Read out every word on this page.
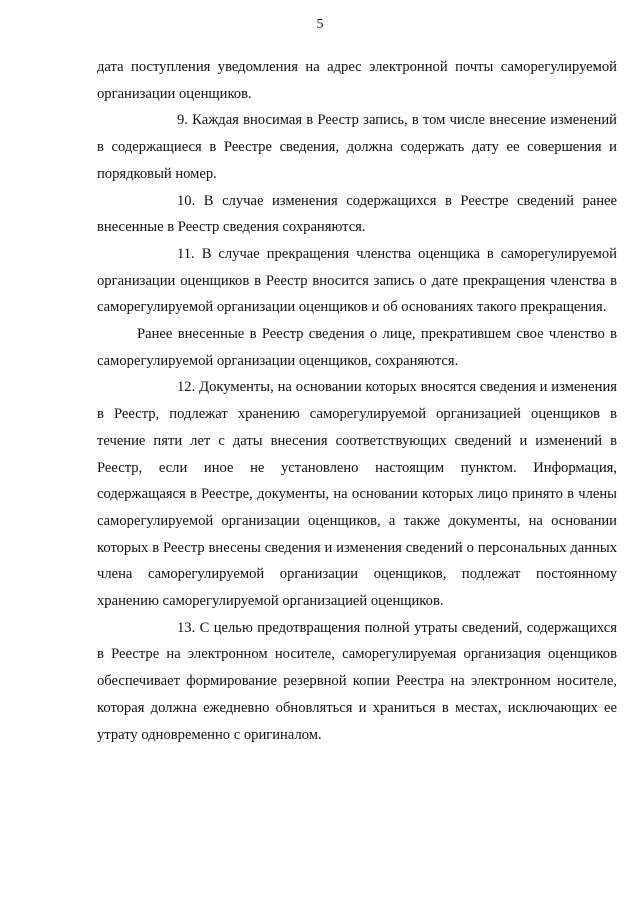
5

дата поступления уведомления на адрес электронной почты саморегулируемой организации оценщиков.

9. Каждая вносимая в Реестр запись, в том числе внесение изменений в содержащиеся в Реестре сведения, должна содержать дату ее совершения и порядковый номер.

10. В случае изменения содержащихся в Реестре сведений ранее внесенные в Реестр сведения сохраняются.

11. В случае прекращения членства оценщика в саморегулируемой организации оценщиков в Реестр вносится запись о дате прекращения членства в саморегулируемой организации оценщиков и об основаниях такого прекращения.

Ранее внесенные в Реестр сведения о лице, прекратившем свое членство в саморегулируемой организации оценщиков, сохраняются.

12. Документы, на основании которых вносятся сведения и изменения в Реестр, подлежат хранению саморегулируемой организацией оценщиков в течение пяти лет с даты внесения соответствующих сведений и изменений в Реестр, если иное не установлено настоящим пунктом. Информация, содержащаяся в Реестре, документы, на основании которых лицо принято в члены саморегулируемой организации оценщиков, а также документы, на основании которых в Реестр внесены сведения и изменения сведений о персональных данных члена саморегулируемой организации оценщиков, подлежат постоянному хранению саморегулируемой организацией оценщиков.

13. С целью предотвращения полной утраты сведений, содержащихся в Реестре на электронном носителе, саморегулируемая организация оценщиков обеспечивает формирование резервной копии Реестра на электронном носителе, которая должна ежедневно обновляться и храниться в местах, исключающих ее утрату одновременно с оригиналом.
